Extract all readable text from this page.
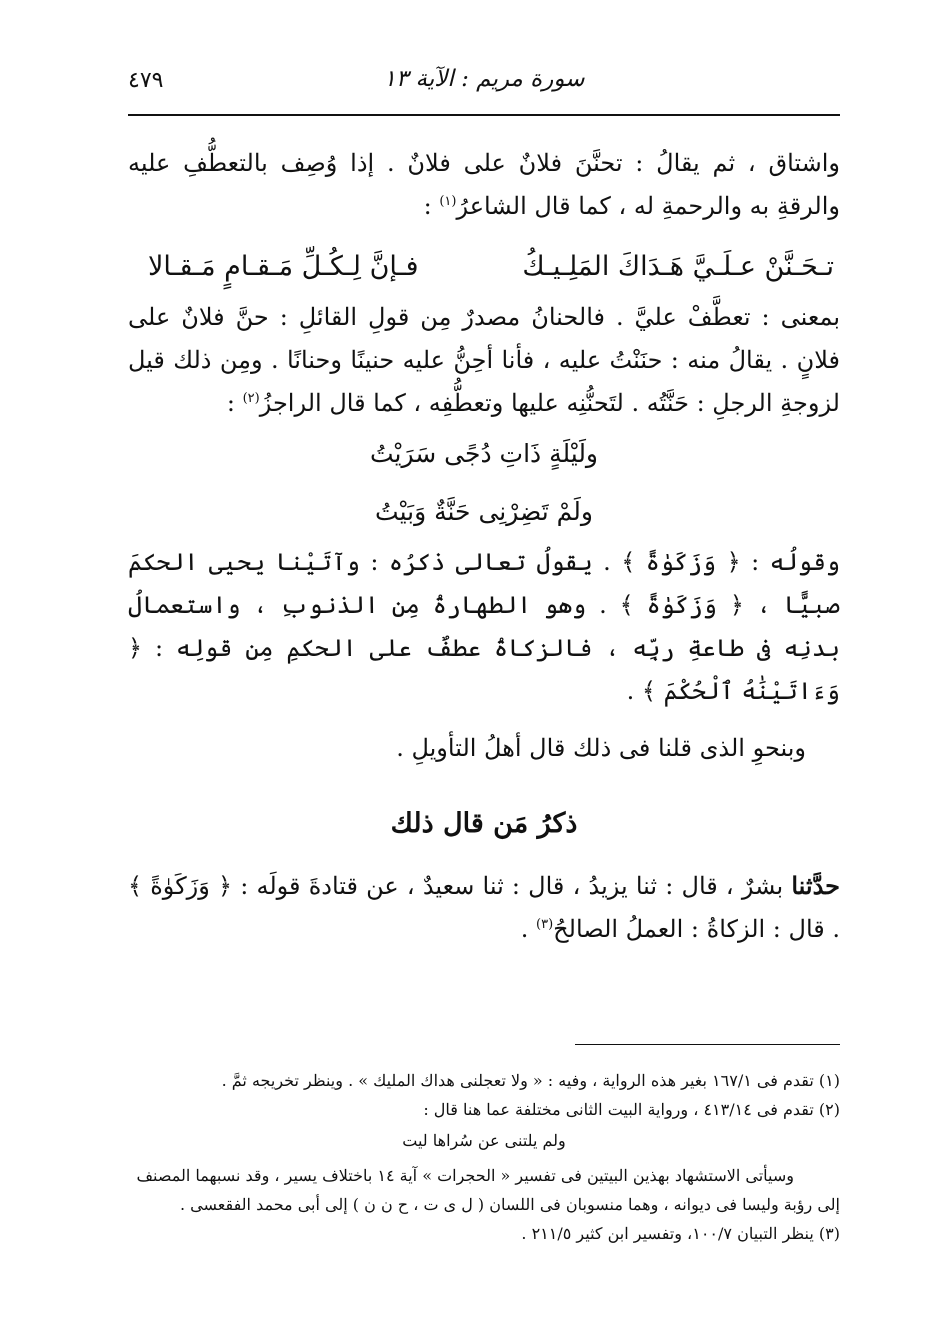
سورة مريم : الآية ١٣
٤٧٩

واشتاق ، ثم يقالُ : تحنَّنَ فلانٌ على فلانٌ . إذا وُصِف بالتعطُّفِ عليه والرقةِ به والرحمةِ له ، كما قال الشاعرُ$^{(١)}$ :

تـحَـنَّنْ عـلَـيَّ هَـدَاكَ المَلِـيـكُ
فـإنَّ لِـكُـلِّ مَـقـامٍ مَـقـالا

بمعنى : تعطَّفْ عليَّ . فالحنانُ مصدرٌ مِن قولِ القائلِ : حنَّ فلانٌ على فلانٍ . يقالُ منه : حنَنْتُ عليه ، فأنا أحِنُّ عليه حنينًا وحنانًا . ومِن ذلك قيل لزوجةِ الرجلِ : حَنَّتُه . لتَحنُّنِه عليها وتعطُّفِه ، كما قال الراجزُ$^{(٢)}$ :

ولَيْلَةٍ ذَاتِ دُجًى سَرَيْتُ

ولَمْ تَضِرْنِى حَنَّةٌ وَبَيْتُ

وقولُه : ﴿ وَزَكَوٰةً ﴾ . يقولُ تعالى ذكرُه : وآتَيْنا يحيى الحكمَ صبيًّا ، ﴿ وَزَكَوٰةً ﴾ . وهو الطهارةُ مِن الذنوبِ ، واستعمالُ بدنِه فى طاعةِ ربِّه ، فالزكاةُ عطفٌ على الحكمِ مِن قولِه : ﴿ وَءَاتَيْنَٰهُ ٱلْحُكْمَ ﴾ .

وبنحوِ الذى قلنا فى ذلك قال أهلُ التأويلِ .

ذكرُ مَن قال ذلك

حدَّثنا بشرٌ ، قال : ثنا يزيدُ ، قال : ثنا سعيدٌ ، عن قتادةَ قولَه : ﴿ وَزَكَوٰةً ﴾ . قال : الزكاةُ : العملُ الصالحُ$^{(٣)}$ .

(١) تقدم فى ١٦٧/١ بغير هذه الرواية ، وفيه : « ولا تعجلنى هداك المليك » . وينظر تخريجه ثمَّ .

(٢) تقدم فى ٤١٣/١٤ ، ورواية البيت الثانى مختلفة عما هنا قال :

ولم يلتنى عن سُراها ليت

وسيأتى الاستشهاد بهذين البيتين فى تفسير « الحجرات » آية ١٤ باختلاف يسير ، وقد نسبهما المصنف إلى رؤبة وليسا فى ديوانه ، وهما منسوبان فى اللسان ( ل ى ت ، ح ن ن ) إلى أبى محمد الفقعسى .

(٣) ينظر التبيان ١٠٠/٧، وتفسير ابن كثير ٢١١/٥ .
